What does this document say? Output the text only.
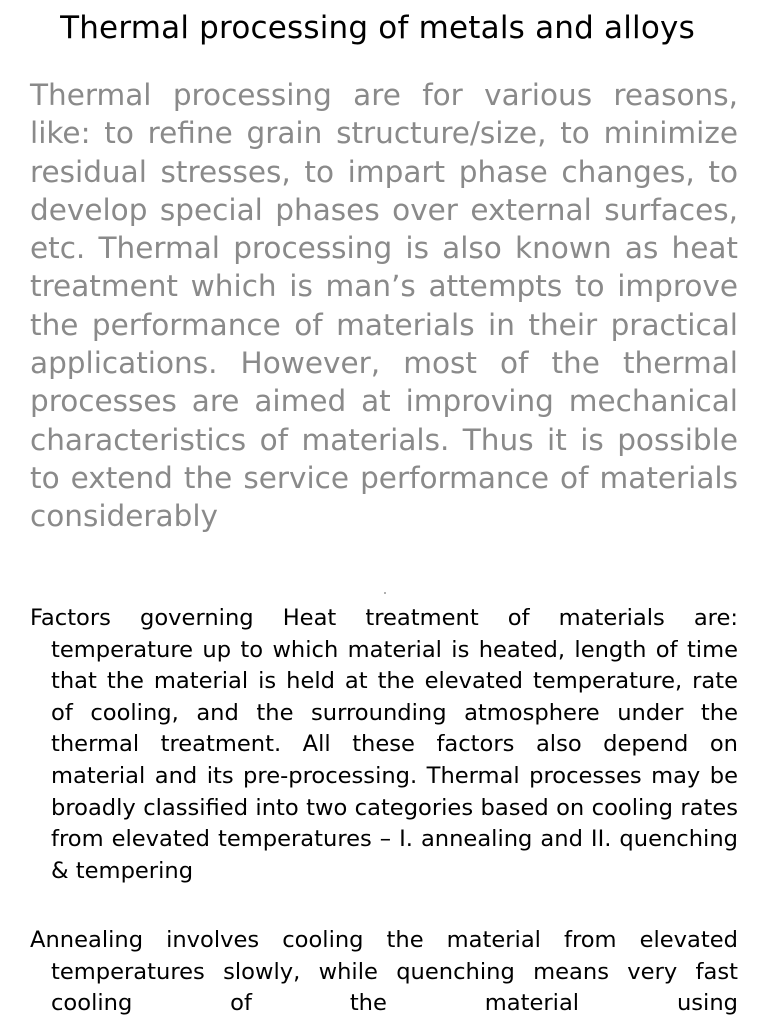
Thermal processing of metals and alloys

Thermal processing are for various reasons, like: to refine grain structure/size, to minimize residual stresses, to impart phase changes, to develop special phases over external surfaces, etc. Thermal processing is also known as heat treatment which is man’s attempts to improve the performance of materials in their practical applications. However, most of the thermal processes are aimed at improving mechanical characteristics of materials. Thus it is possible to extend the service performance of materials considerably

Factors governing Heat treatment of materials are: temperature up to which material is heated, length of time that the material is held at the elevated temperature, rate of cooling, and the surrounding atmosphere under the thermal treatment. All these factors also depend on material and its pre-processing. Thermal processes may be broadly classified into two categories based on cooling rates from elevated temperatures – I. annealing and II. quenching & tempering

Annealing involves cooling the material from elevated temperatures slowly, while quenching means very fast cooling of the material using
